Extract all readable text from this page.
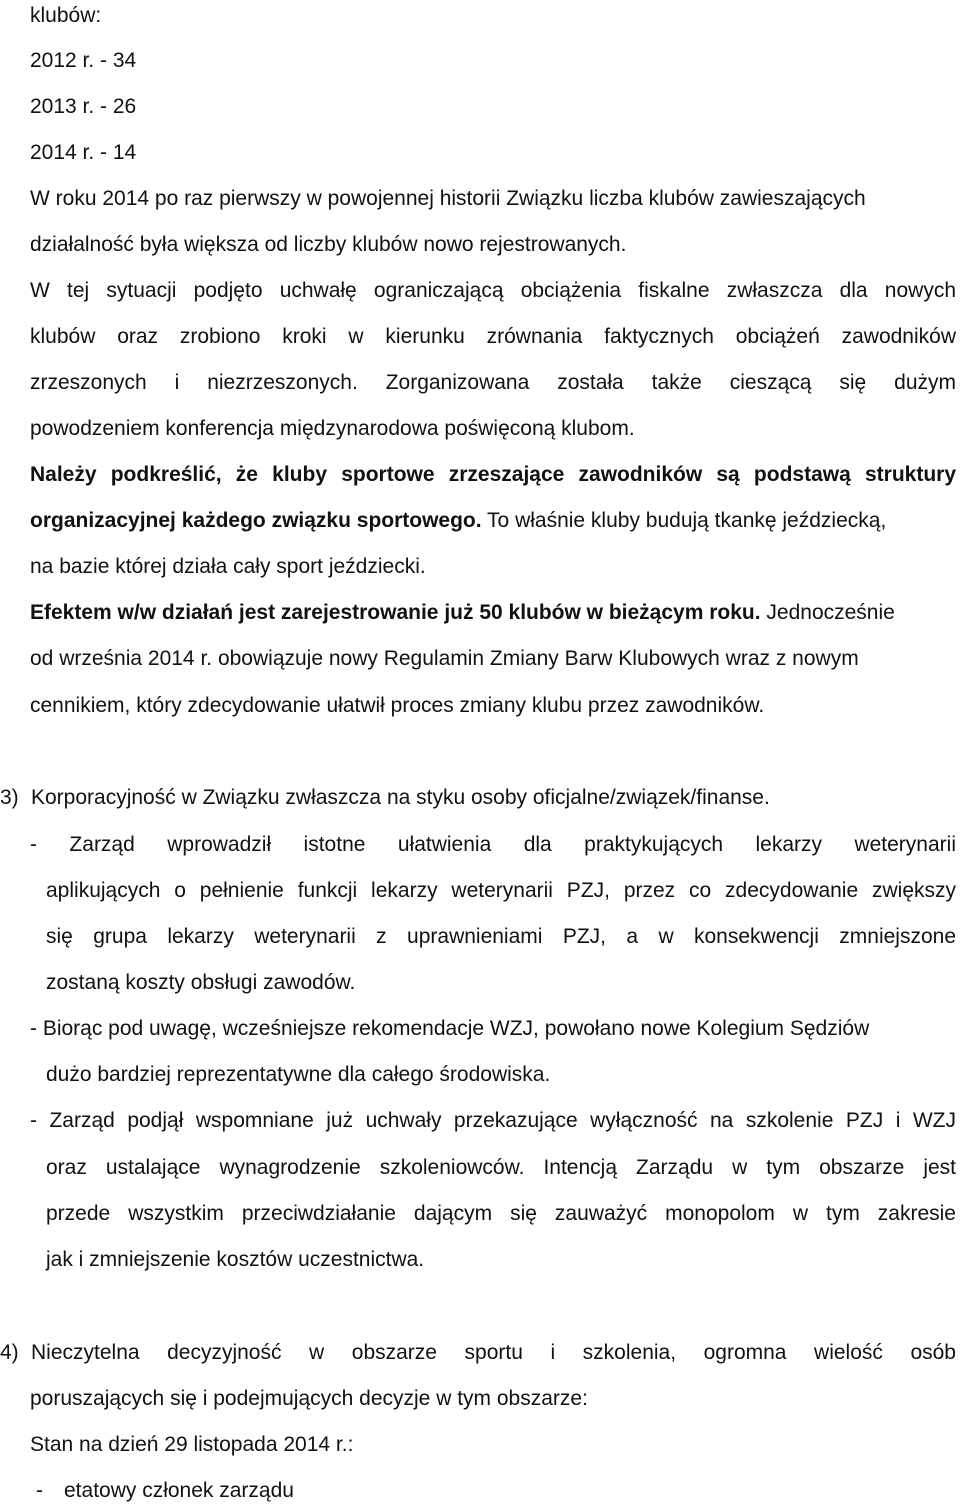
klubów:
2012 r. - 34
2013 r. - 26
2014 r. - 14
W roku 2014 po raz pierwszy w powojennej historii Związku liczba klubów zawieszających
działalność była większa od liczby klubów nowo rejestrowanych.
W tej sytuacji podjęto uchwałę ograniczającą obciążenia fiskalne zwłaszcza dla nowych
klubów oraz zrobiono kroki w kierunku zrównania faktycznych obciążeń zawodników
zrzeszonych i niezrzeszonych. Zorganizowana została także cieszącą się dużym
powodzeniem konferencja międzynarodowa poświęconą klubom.
Należy podkreślić, że kluby sportowe zrzeszające zawodników są podstawą struktury
organizacyjnej każdego związku sportowego. To właśnie kluby budują tkankę jeździecką,
na bazie której działa cały sport jeździecki.
Efektem w/w działań jest zarejestrowanie już 50 klubów w bieżącym roku. Jednocześnie
od września 2014 r. obowiązuje nowy Regulamin Zmiany Barw Klubowych wraz z nowym
cennikiem, który zdecydowanie ułatwił proces zmiany klubu przez zawodników.
3) Korporacyjność w Związku zwłaszcza na styku osoby oficjalne/związek/finanse.
- Zarząd wprowadził istotne ułatwienia dla praktykujących lekarzy weterynarii
aplikujących o pełnienie funkcji lekarzy weterynarii PZJ, przez co zdecydowanie zwiększy
się grupa lekarzy weterynarii z uprawnieniami PZJ, a w konsekwencji zmniejszone
zostaną koszty obsługi zawodów.
- Biorąc pod uwagę, wcześniejsze rekomendacje WZJ, powołano nowe Kolegium Sędziów
dużo bardziej reprezentatywne dla całego środowiska.
- Zarząd podjął wspomniane już uchwały przekazujące wyłączność na szkolenie PZJ i WZJ
oraz ustalające wynagrodzenie szkoleniowców. Intencją Zarządu w tym obszarze jest
przede wszystkim przeciwdziałanie dającym się zauważyć monopolom w tym zakresie
jak i zmniejszenie kosztów uczestnictwa.
4) Nieczytelna decyzyjność w obszarze sportu i szkolenia, ogromna wielość osób
poruszających się i podejmujących decyzje w tym obszarze:
Stan na dzień 29 listopada 2014 r.:
- etatowy członek zarządu
